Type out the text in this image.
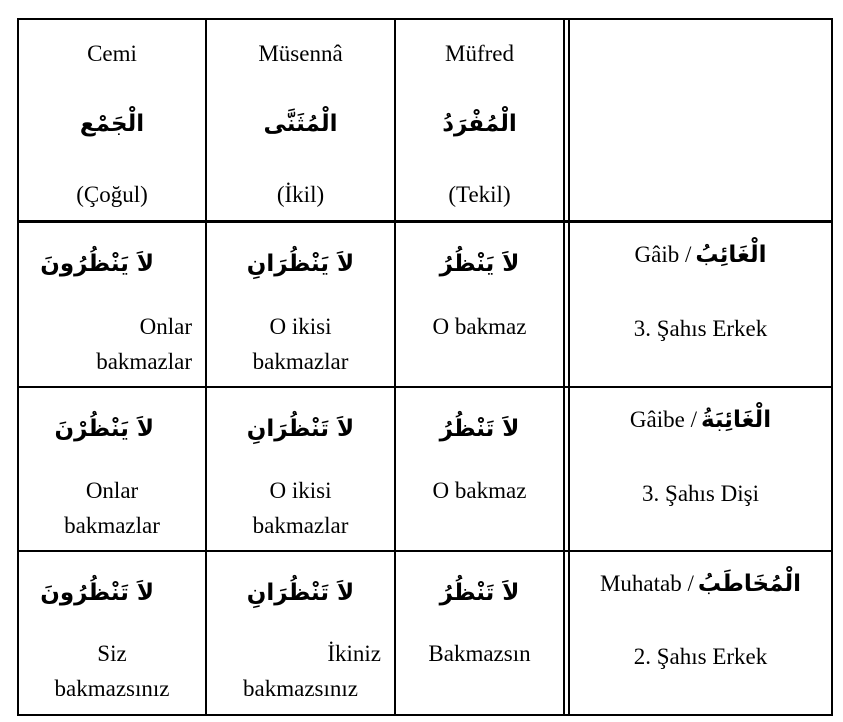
Cemi
الْجَمْع
(Çoğul)
Müsennâ
الْمُثَنَّى
(İkil)
Müfred
الْمُفْرَدُ
(Tekil)
لاَ يَنْظُرُونَ
Onlar
bakmazlar
لاَ يَنْظُرَانِ
O ikisi
bakmazlar
لاَ يَنْظُرُ
O bakmaz
Gâib / الْغَائِبُ
3. Şahıs Erkek
لاَ يَنْظُرْنَ
Onlar
bakmazlar
لاَ تَنْظُرَانِ
O ikisi
bakmazlar
لاَ تَنْظُرُ
O bakmaz
Gâibe / الْغَائِبَةُ
3. Şahıs Dişi
لاَ تَنْظُرُونَ
Siz
bakmazsınız
لاَ تَنْظُرَانِ
İkiniz
bakmazsınız
لاَ تَنْظُرُ
Bakmazsın
Muhatab / الْمُخَاطَبُ
2. Şahıs Erkek
